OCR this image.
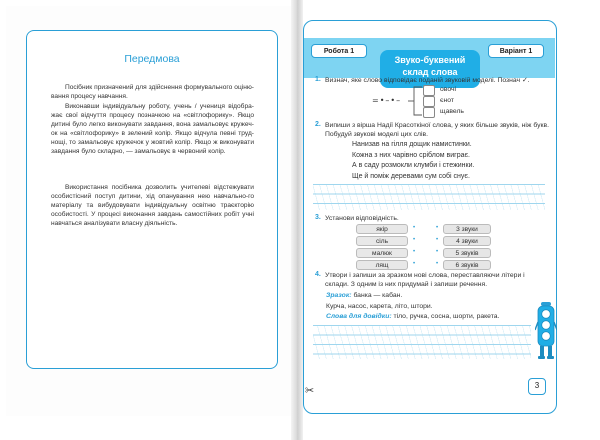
Передмова
Посібник призначений для здійснення формувального оціню-вання процесу навчання.
Виконавши індивідуальну роботу, учень / учениця відобра-жає свої відчуття процесу позначкою на «світлофорику». Якщо дитині було легко виконувати завдання, вона замальовує кружеч-ок на «світлофорику» в зелений колір. Якщо відчула певні труд-нощі, то замальовує кружечок у жовтий колір. Якщо ж виконувати завдання було складно, — замальовує в червоний колір.
Використання посібника дозволить учителеві відстежувати особистісний поступ дитини, хід опанування нею навчально-го матеріалу та вибудовувати індивідуальну освітню траєкторію особистості. У процесі виконання завдань самостійних робіт учні навчаться аналізувати власну діяльність.
Робота 1
Звуко-буквений
склад слова
Варіант 1
1. Визнач, яке слово відповідає поданій звуковій моделі. Познач ✓.
=•–•–
овочі
єнот
щавель
2. Випиши з вірша Надії Красоткіної слова, у яких більше звуків, ніж букв. Побудуй звукові моделі цих слів.
Нанизав на гілля дощик намистинки.
Кожна з них чарівно сріблом виграє.
А в саду розмокли клумби і стежинки.
Ще й поміж деревами сум собі снує.
3. Установи відповідність.
якір
сіль
малюк
лящ
•
•
•
•
•
•
•
•
3 звуки
4 звуки
5 звуків
6 звуків
4. Утвори і запиши за зразком нові слова, переставляючи літери і склади. З одним із них придумай і запиши речення.
Зразок: банка — кабан.
Курча, насос, карета, літо, штори.
Слова для довідки: тіло, ручка, сосна, шорти, ракета.
✂	3
